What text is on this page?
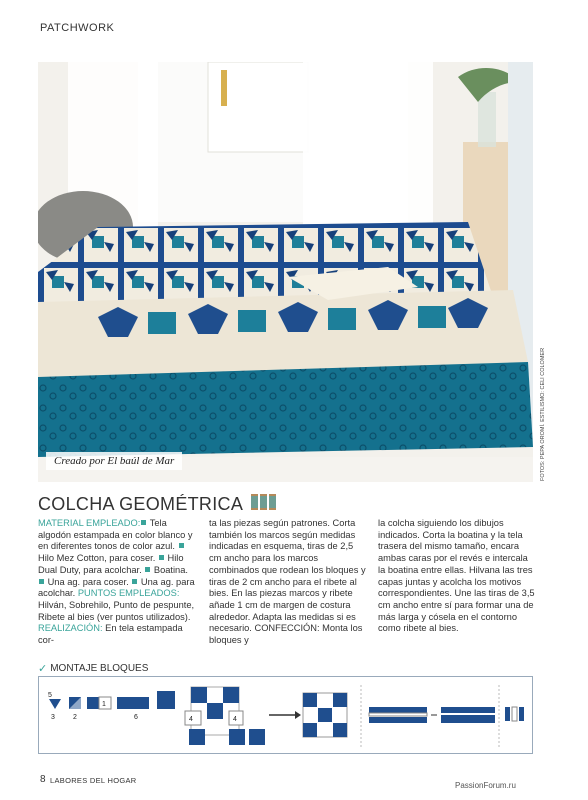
PATCHWORK
FOTOS: PEPA OROMÍ. ESTILISMO: CELI COLOMER
Creado por El baúl de Mar
COLCHA GEOMÉTRICA
MATERIAL EMPLEADO: Tela algodón estampada en color blanco y en diferentes tonos de color azul.  Hilo Mez Cotton, para coser.  Hilo Dual Duty, para acolchar.  Boatina.  Una ag. para coser.  Una ag. para acolchar. PUNTOS EMPLEADOS: Hilván, Sobrehilo, Punto de pespunte, Ribete al bies (ver puntos utilizados). REALIZACIÓN: En tela estampada cor-
ta las piezas según patrones. Corta también los marcos según medidas indicadas en esquema, tiras de 2,5 cm ancho para los marcos combinados que rodean los bloques y tiras de 2 cm ancho para el ribete al bies. En las piezas marcos y ribete añade 1 cm de margen de costura alrededor. Adapta las medidas si es necesario. CONFECCIÓN: Monta los bloques y
la colcha siguiendo los dibujos indicados. Corta la boatina y la tela trasera del mismo tamaño, encara ambas caras por el revés e intercala la boatina entre ellas. Hilvana las tres capas juntas y acolcha los motivos correspondientes. Une las tiras de 3,5 cm ancho entre sí para formar una de más larga y cósela en el contorno como ribete al bies.
✓ MONTAJE BLOQUES
5
3	2
1
6	4	4
8 LABORES DEL HOGAR
PassionForum.ru
